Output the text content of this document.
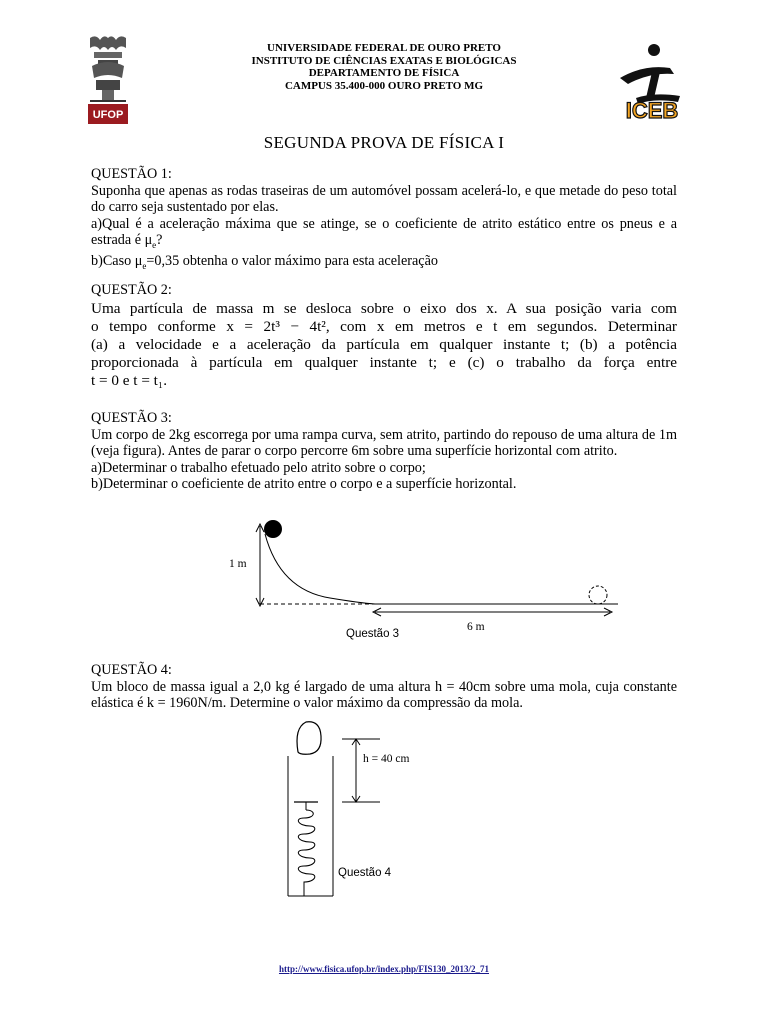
UFOP	ICEB
UNIVERSIDADE FEDERAL DE OURO PRETO
INSTITUTO DE CIÊNCIAS EXATAS E BIOLÓGICAS
DEPARTAMENTO DE FÍSICA
CAMPUS 35.400-000 OURO PRETO MG
SEGUNDA PROVA DE FÍSICA I

QUESTÃO 1:

Suponha que apenas as rodas traseiras de um automóvel possam acelerá-lo, e que metade do peso total do carro seja sustentado por elas.

a)Qual é a aceleração máxima que se atinge, se o coeficiente de atrito estático entre os pneus e a estrada é $\mu_e$?

b)Caso $\mu_e=0,35$ obtenha o valor máximo para esta aceleração

QUESTÃO 2:

Uma partícula de massa m se desloca sobre o eixo dos x. A sua posição varia com

o tempo conforme x = 2t³ − 4t², com x em metros e t em segundos. Determinar

(a) a velocidade e a aceleração da partícula em qualquer instante t; (b) a potência

proporcionada à partícula em qualquer instante t; e (c) o trabalho da força entre

t = 0 e t = t₁.

QUESTÃO 3:

Um corpo de 2kg escorrega por uma rampa curva, sem atrito, partindo do repouso de uma altura de 1m (veja figura). Antes de parar o corpo percorre 6m sobre uma superfície horizontal com atrito.

a)Determinar o trabalho efetuado pelo atrito sobre o corpo;

b)Determinar o coeficiente de atrito entre o corpo e a superfície horizontal.

1 m
6 m
Questão 3

QUESTÃO 4:

Um bloco de massa igual a 2,0 kg é largado de uma altura h = 40cm sobre uma mola, cuja constante elástica é k = 1960N/m. Determine o valor máximo da compressão da mola.

h = 40 cm
Questão 4
http://www.fisica.ufop.br/index.php/FIS130_2013/2_71
